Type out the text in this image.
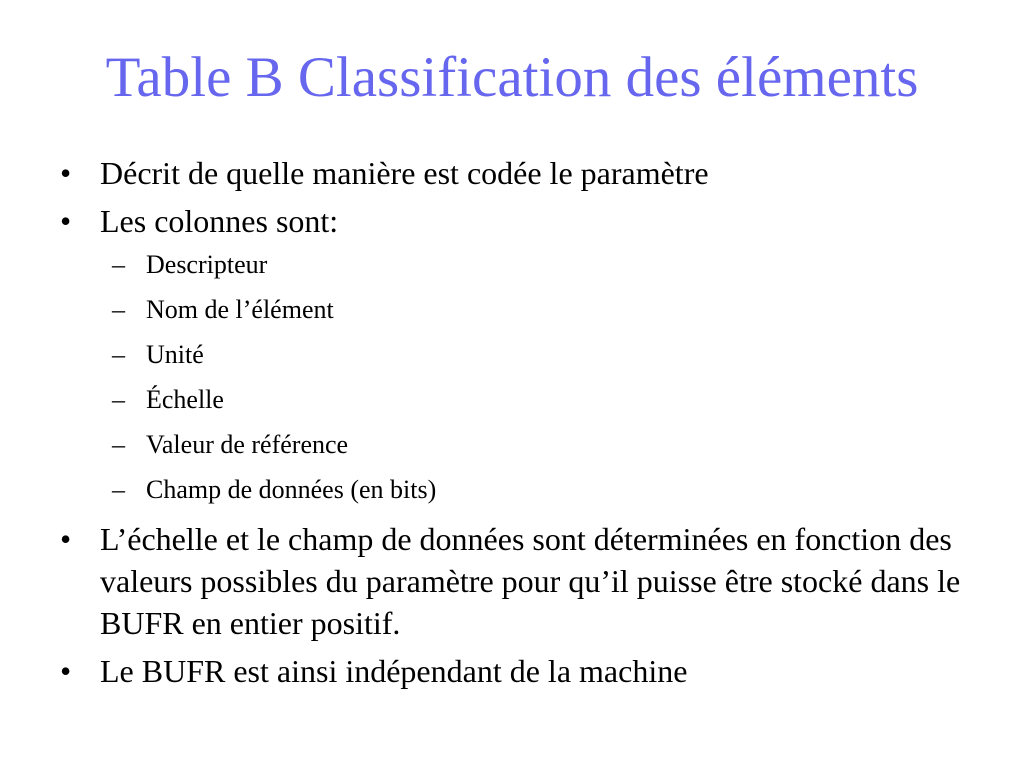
Table B Classification des éléments
• Décrit de quelle manière est codée le paramètre
• Les colonnes sont:
– Descripteur
– Nom de l’élément
– Unité
– Échelle
– Valeur de référence
– Champ de données (en bits)
• L’échelle et le champ de données sont déterminées en fonction des valeurs possibles du paramètre pour qu’il puisse être stocké dans le BUFR en entier positif.
• Le BUFR est ainsi indépendant de la machine
